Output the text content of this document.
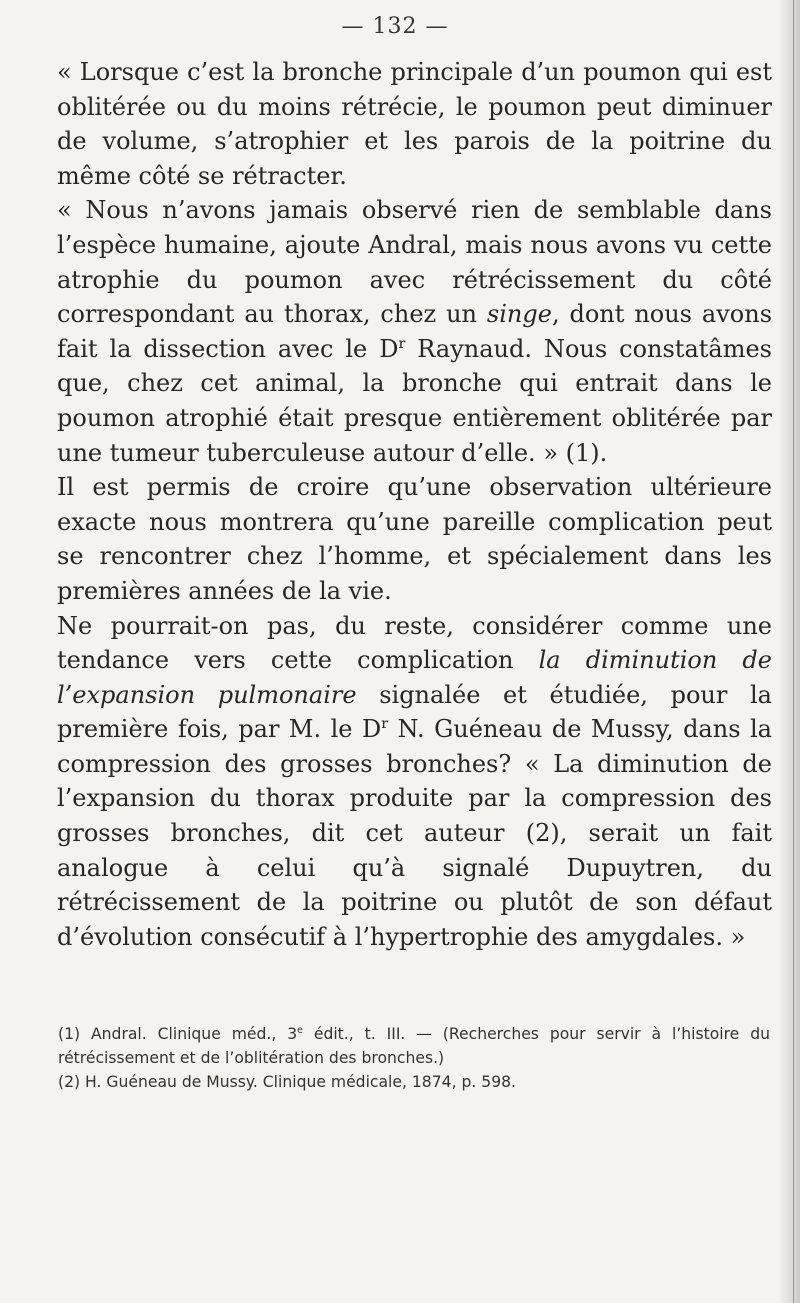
— 132 —

« Lorsque c’est la bronche principale d’un poumon qui est oblitérée ou du moins rétrécie, le poumon peut diminuer de volume, s’atrophier et les parois de la poitrine du même côté se rétracter.

« Nous n’avons jamais observé rien de semblable dans l’espèce humaine, ajoute Andral, mais nous avons vu cette atrophie du poumon avec rétrécissement du côté correspondant au thorax, chez un singe, dont nous avons fait la dissection avec le $D^r$ Raynaud. Nous constatâmes que, chez cet animal, la bronche qui entrait dans le poumon atrophié était presque entièrement oblitérée par une tumeur tuberculeuse autour d’elle. » (1).

Il est permis de croire qu’une observation ultérieure exacte nous montrera qu’une pareille complication peut se rencontrer chez l’homme, et spécialement dans les premières années de la vie.

Ne pourrait-on pas, du reste, considérer comme une tendance vers cette complication la diminution de l’expansion pulmonaire signalée et étudiée, pour la première fois, par M. le $D^r$ N. Guéneau de Mussy, dans la compression des grosses bronches? « La diminution de l’expansion du thorax produite par la compression des grosses bronches, dit cet auteur (2), serait un fait analogue à celui qu’à signalé Dupuytren, du rétrécissement de la poitrine ou plutôt de son défaut d’évolution consécutif à l’hypertrophie des amygdales. »

(1) Andral. Clinique méd., 3e édit., t. III. — (Recherches pour servir à l’histoire du rétrécissement et de l’oblitération des bronches.)

(2) H. Guéneau de Mussy. Clinique médicale, 1874, p. 598.
